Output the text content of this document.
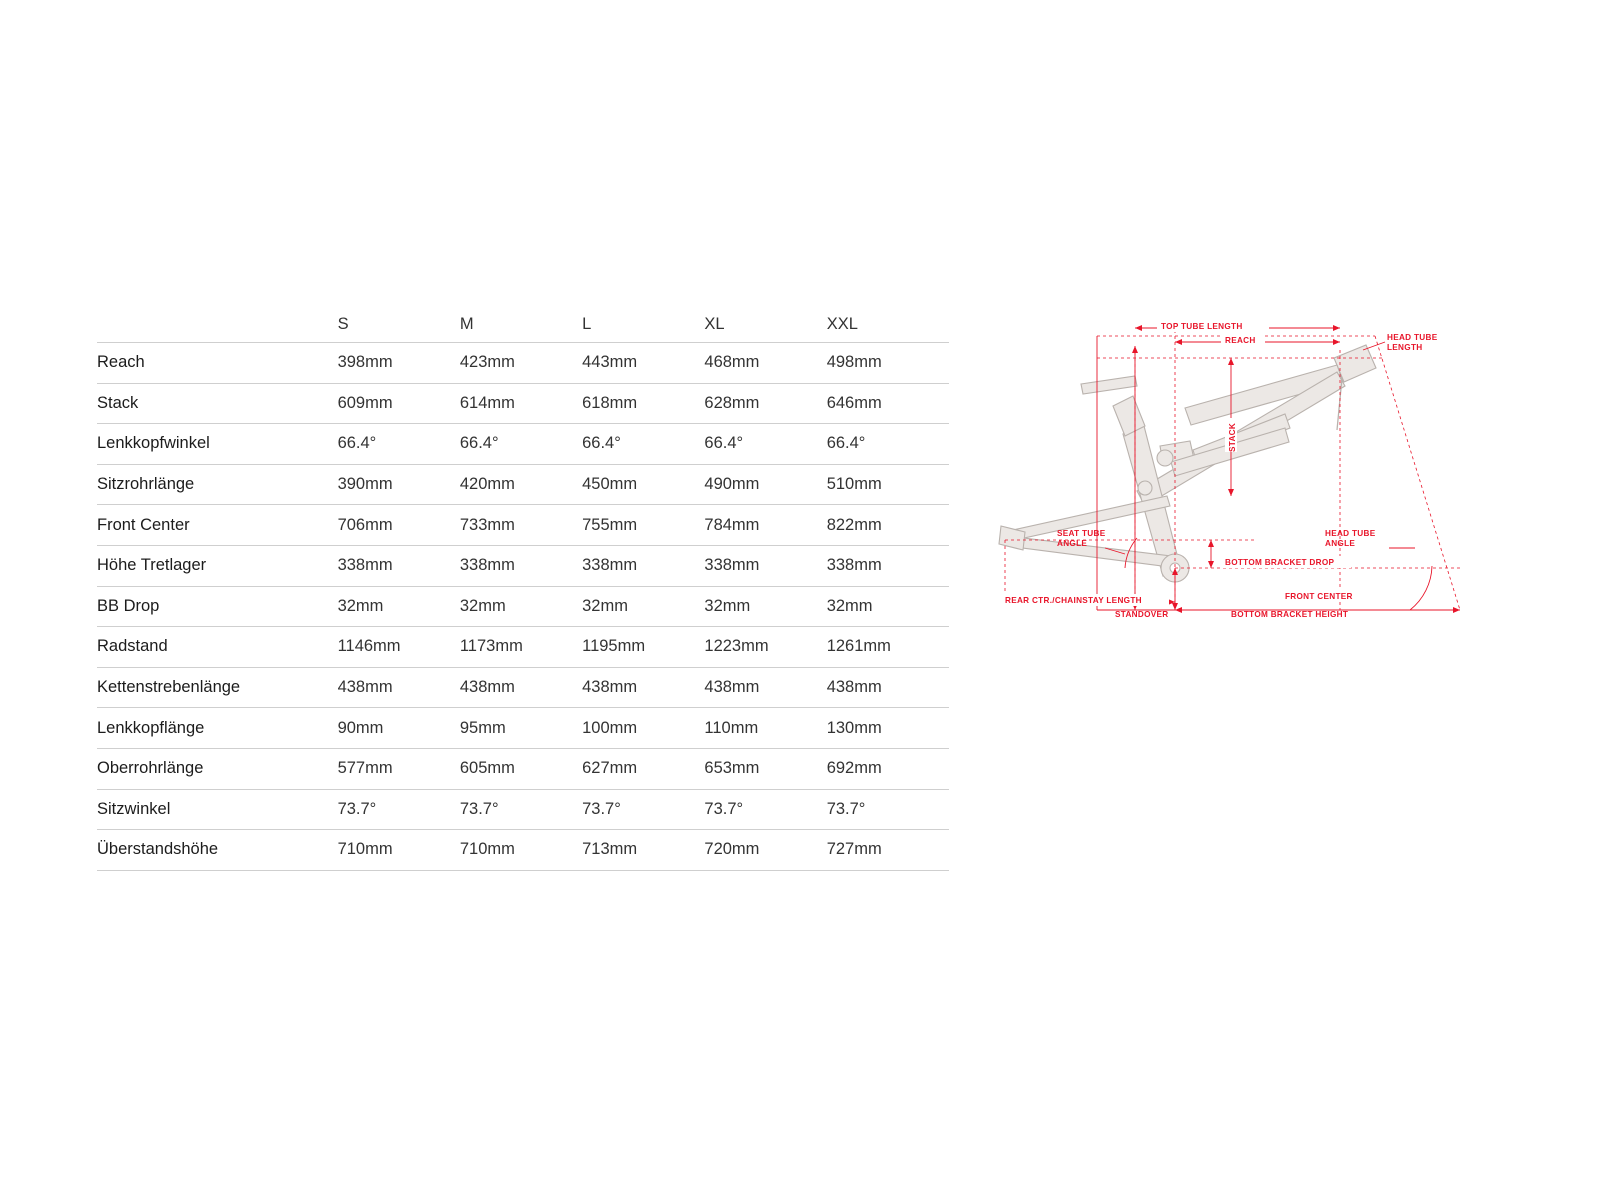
	S	M	L	XL	XXL
Reach	398mm	423mm	443mm	468mm	498mm
Stack	609mm	614mm	618mm	628mm	646mm
Lenkkopfwinkel	66.4°	66.4°	66.4°	66.4°	66.4°
Sitzrohrlänge	390mm	420mm	450mm	490mm	510mm
Front Center	706mm	733mm	755mm	784mm	822mm
Höhe Tretlager	338mm	338mm	338mm	338mm	338mm
BB Drop	32mm	32mm	32mm	32mm	32mm
Radstand	1146mm	1173mm	1195mm	1223mm	1261mm
Kettenstrebenlänge	438mm	438mm	438mm	438mm	438mm
Lenkkopflänge	90mm	95mm	100mm	110mm	130mm
Oberrohrlänge	577mm	605mm	627mm	653mm	692mm
Sitzwinkel	73.7°	73.7°	73.7°	73.7°	73.7°
Überstandshöhe	710mm	710mm	713mm	720mm	727mm
TOP TUBE LENGTH
REACH	HEAD TUBE
LENGTH
STACK
HEAD TUBE
ANGLE
SEAT TUBE
ANGLE
BOTTOM BRACKET DROP
REAR CTR./CHAINSTAY LENGTH
STANDOVER
FRONT CENTER
BOTTOM BRACKET HEIGHT
